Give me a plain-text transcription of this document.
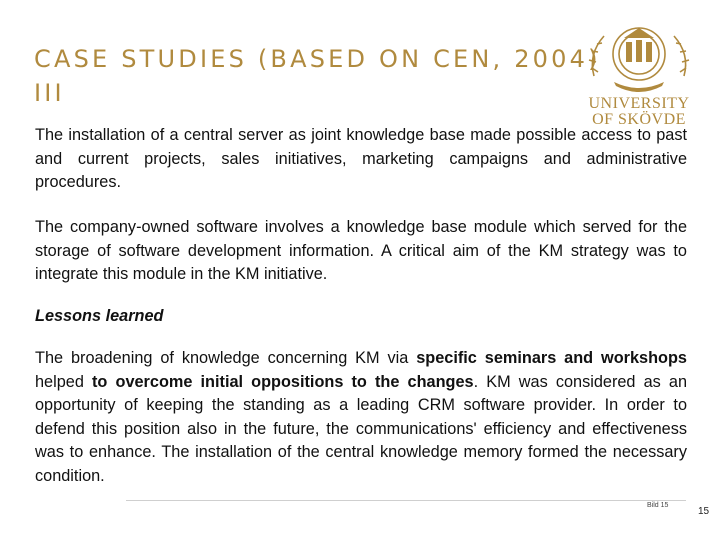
CASE STUDIES (BASED ON CEN, 2004) III	UNIVERSITY
OF SKÖVDE

The installation of a central server as joint knowledge base made possible access to past and current projects, sales initiatives, marketing campaigns and administrative procedures.

The company-owned software involves a knowledge base module which served for the storage of software development information. A critical aim of the KM strategy was to integrate this module in the KM initiative.

Lessons learned

The broadening of knowledge concerning KM via specific seminars and workshops helped to overcome initial oppositions to the changes. KM was considered as an opportunity of keeping the standing as a leading CRM software provider. In order to defend this position also in the future, the communications' efficiency and effectiveness was to enhance. The installation of the central knowledge memory formed the necessary condition.

Bild 15
15
